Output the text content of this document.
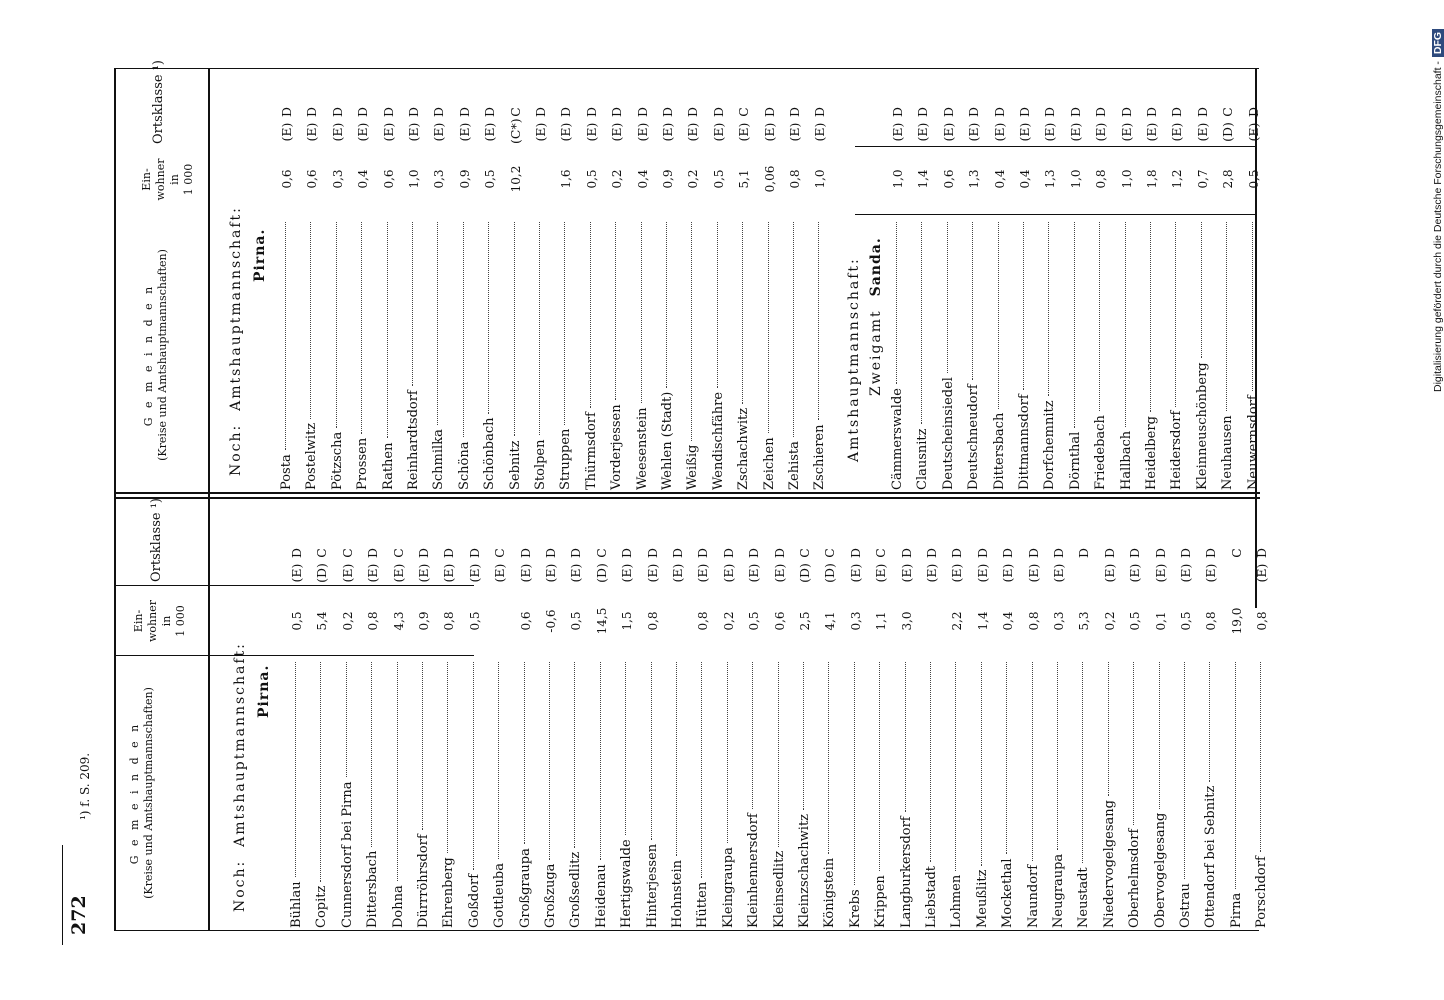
272
¹) f. S. 209.
Digitalisierung gefördert durch die Deutsche Forschungsgemeinschaft -DFG
G e m e i n d e n (Kreise und Amtshauptmannschaften)
Ein- wohner in 1 000
Ortsklasse ¹)
G e m e i n d e n (Kreise und Amtshauptmannschaften)
Ein- wohner in 1 000
Ortsklasse ¹)
Noch:  Amtshauptmannschaft: Pirna.
Noch:  Amtshauptmannschaft: Pirna.
Amtshauptmannschaft: Zweigamt  Sanda.
Bühlau
0,5
(E)D
Copitz
5,4
(D)C
Cunnersdorf bei Pirna
0,2
(E)C
Dittersbach
0,8
(E)D
Dohna
4,3
(E)C
Dürrröhrsdorf
0,9
(E)D
Ehrenberg
0,8
(E)D
Goßdorf
0,5
(E)D
Gottleuba
(E)C
Großgraupa
0,6
(E)D
Großzuga
-0,6
(E)D
Großsedlitz
0,5
(E)D
Heidenau
14,5
(D)C
Hertigswalde
1,5
(E)D
Hinterjessen
0,8
(E)D
Hohnstein
(E)D
Hütten
0,8
(E)D
Kleingraupa
0,2
(E)D
Kleinhennersdorf
0,5
(E)D
Kleinsedlitz
0,6
(E)D
Kleinzschachwitz
2,5
(D)C
Königstein
4,1
(D)C
Krebs
0,3
(E)D
Krippen
1,1
(E)C
Langburkersdorf
3,0
(E)D
Liebstadt
(E)D
Lohmen
2,2
(E)D
Meußlitz
1,4
(E)D
Mockethal
0,4
(E)D
Naundorf
0,8
(E)D
Neugraupa
0,3
(E)D
Neustadt
5,3
D
Niedervogelgesang
0,2
(E)D
Oberhelmsdorf
0,5
(E)D
Obervogelgesang
0,1
(E)D
Ostrau
0,5
(E)D
Ottendorf bei Sebnitz
0,8
(E)D
Pirna
19,0
C
Porschdorf
0,8
(E)D
Posta
0,6
(E)D
Postelwitz
0,6
(E)D
Pötzscha
0,3
(E)D
Prossen
0,4
(E)D
Rathen
0,6
(E)D
Reinhardtsdorf
1,0
(E)D
Schmilka
0,3
(E)D
Schöna
0,9
(E)D
Schönbach
0,5
(E)D
Sebnitz
10,2
(C*)C
Stolpen
(E)D
Struppen
1,6
(E)D
Thürmsdorf
0,5
(E)D
Vorderjessen
0,2
(E)D
Weesenstein
0,4
(E)D
Wehlen (Stadt)
0,9
(E)D
Weißig
0,2
(E)D
Wendischfähre
0,5
(E)D
Zschachwitz
5,1
(E)C
Zeichen
0,06
(E)D
Zehista
0,8
(E)D
Zschieren
1,0
(E)D
Cämmerswalde
1,0
(E)D
Clausnitz
1,4
(E)D
Deutscheinsiedel
0,6
(E)D
Deutschneudorf
1,3
(E)D
Dittersbach
0,4
(E)D
Dittmannsdorf
0,4
(E)D
Dorfchemnitz
1,3
(E)D
Dörnthal
1,0
(E)D
Friedebach
0,8
(E)D
Hallbach
1,0
(E)D
Heidelberg
1,8
(E)D
Heidersdorf
1,2
(E)D
Kleinneuschönberg
0,7
(E)D
Neuhausen
2,8
(D)C
Neuwernsdorf
0,5
(E)D
